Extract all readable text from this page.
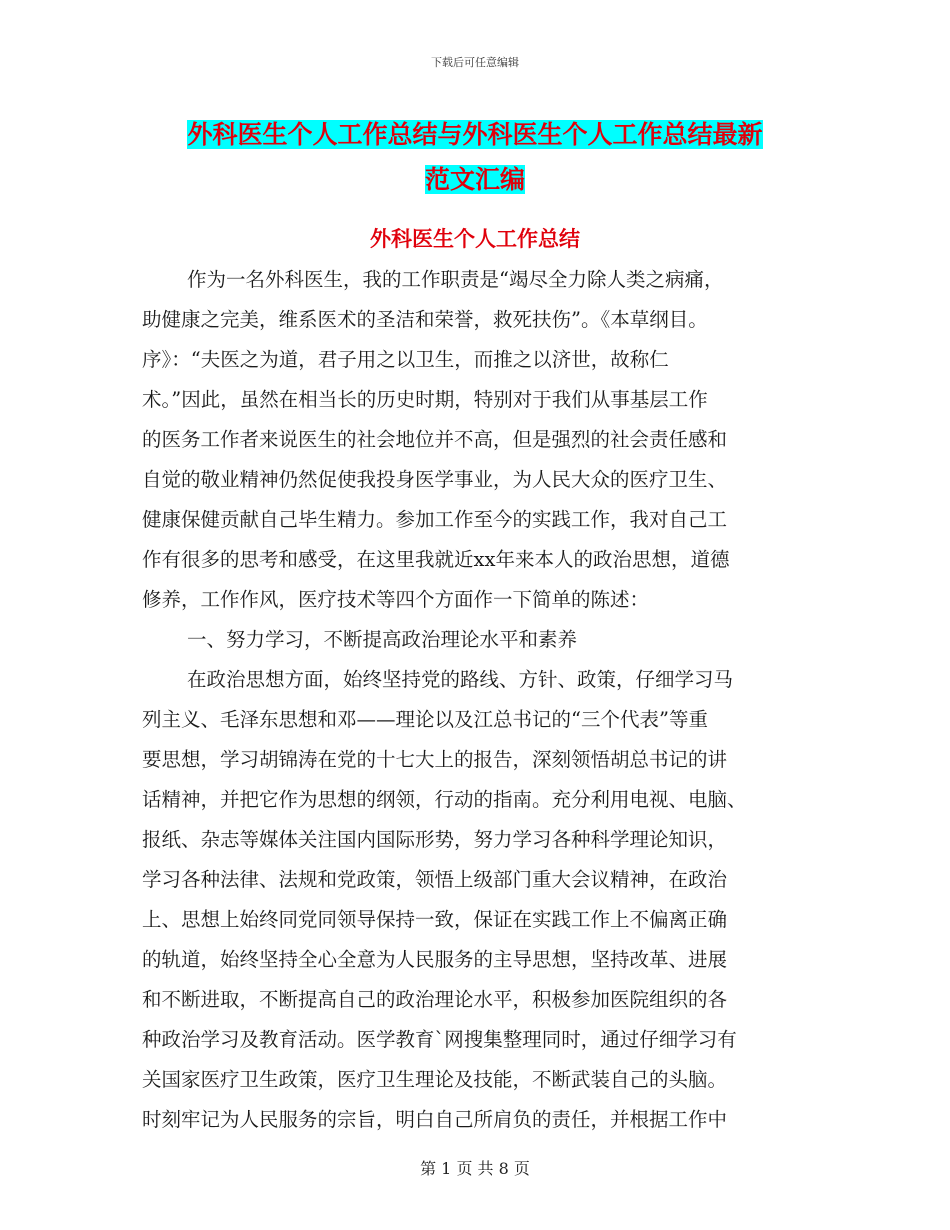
下载后可任意编辑
外科医生个人工作总结与外科医生个人工作总结最新
范文汇编
外科医生个人工作总结
作为一名外科医生，我的工作职责是“竭尽全力除人类之病痛，
助健康之完美，维系医术的圣洁和荣誉，救死扶伤”。《本草纲目。
序》：“夫医之为道，君子用之以卫生，而推之以济世，故称仁
术。”因此，虽然在相当长的历史时期，特别对于我们从事基层工作
的医务工作者来说医生的社会地位并不高，但是强烈的社会责任感和
自觉的敬业精神仍然促使我投身医学事业，为人民大众的医疗卫生、
健康保健贡献自己毕生精力。参加工作至今的实践工作，我对自己工
作有很多的思考和感受，在这里我就近xx年来本人的政治思想，道德
修养，工作作风，医疗技术等四个方面作一下简单的陈述：
一、努力学习，不断提高政治理论水平和素养
在政治思想方面，始终坚持党的路线、方针、政策，仔细学习马
列主义、毛泽东思想和邓——理论以及江总书记的“三个代表”等重
要思想，学习胡锦涛在党的十七大上的报告，深刻领悟胡总书记的讲
话精神，并把它作为思想的纲领，行动的指南。充分利用电视、电脑、
报纸、杂志等媒体关注国内国际形势，努力学习各种科学理论知识，
学习各种法律、法规和党政策，领悟上级部门重大会议精神，在政治
上、思想上始终同党同领导保持一致，保证在实践工作上不偏离正确
的轨道，始终坚持全心全意为人民服务的主导思想，坚持改革、进展
和不断进取，不断提高自己的政治理论水平，积极参加医院组织的各
种政治学习及教育活动。医学教育`网搜集整理同时，通过仔细学习有
关国家医疗卫生政策，医疗卫生理论及技能，不断武装自己的头脑。
时刻牢记为人民服务的宗旨，明白自己所肩负的责任，并根据工作中
第 1 页 共 8 页
